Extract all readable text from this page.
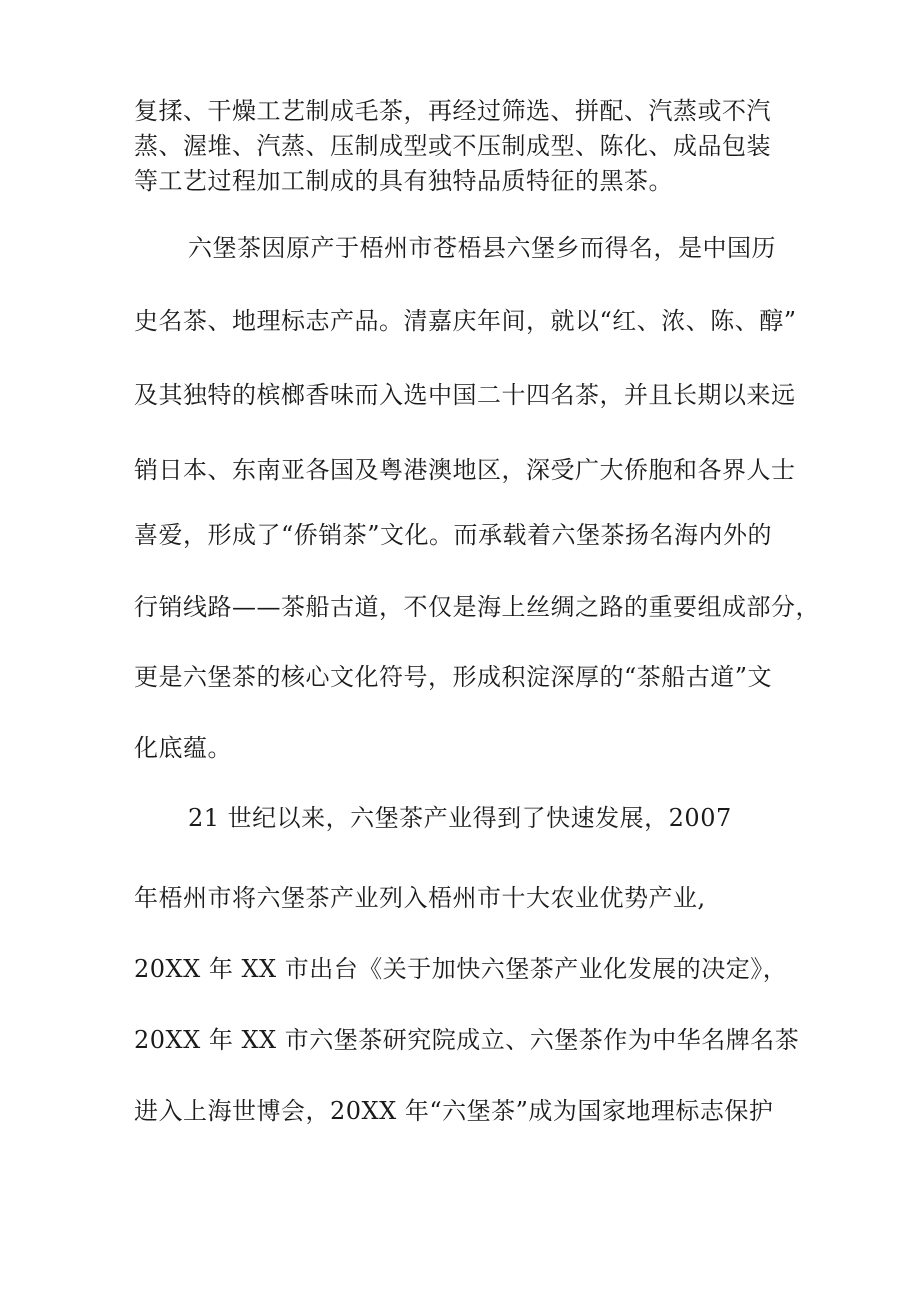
复揉、干燥工艺制成毛茶，再经过筛选、拼配、汽蒸或不汽
蒸、渥堆、汽蒸、压制成型或不压制成型、陈化、成品包装
等工艺过程加工制成的具有独特品质特征的黑茶。
六堡茶因原产于梧州市苍梧县六堡乡而得名，是中国历
史名茶、地理标志产品。清嘉庆年间，就以“红、浓、陈、醇”
及其独特的槟榔香味而入选中国二十四名茶，并且长期以来远
销日本、东南亚各国及粤港澳地区，深受广大侨胞和各界人士
喜爱，形成了“侨销茶”文化。而承载着六堡茶扬名海内外的
行销线路——茶船古道，不仅是海上丝绸之路的重要组成部分，
更是六堡茶的核心文化符号，形成积淀深厚的“茶船古道”文
化底蕴。
21 世纪以来，六堡茶产业得到了快速发展，2007
年梧州市将六堡茶产业列入梧州市十大农业优势产业,
20XX 年 XX 市出台《关于加快六堡茶产业化发展的决定》，
20XX 年 XX 市六堡茶研究院成立、六堡茶作为中华名牌名茶
进入上海世博会，20XX 年“六堡茶”成为国家地理标志保护
